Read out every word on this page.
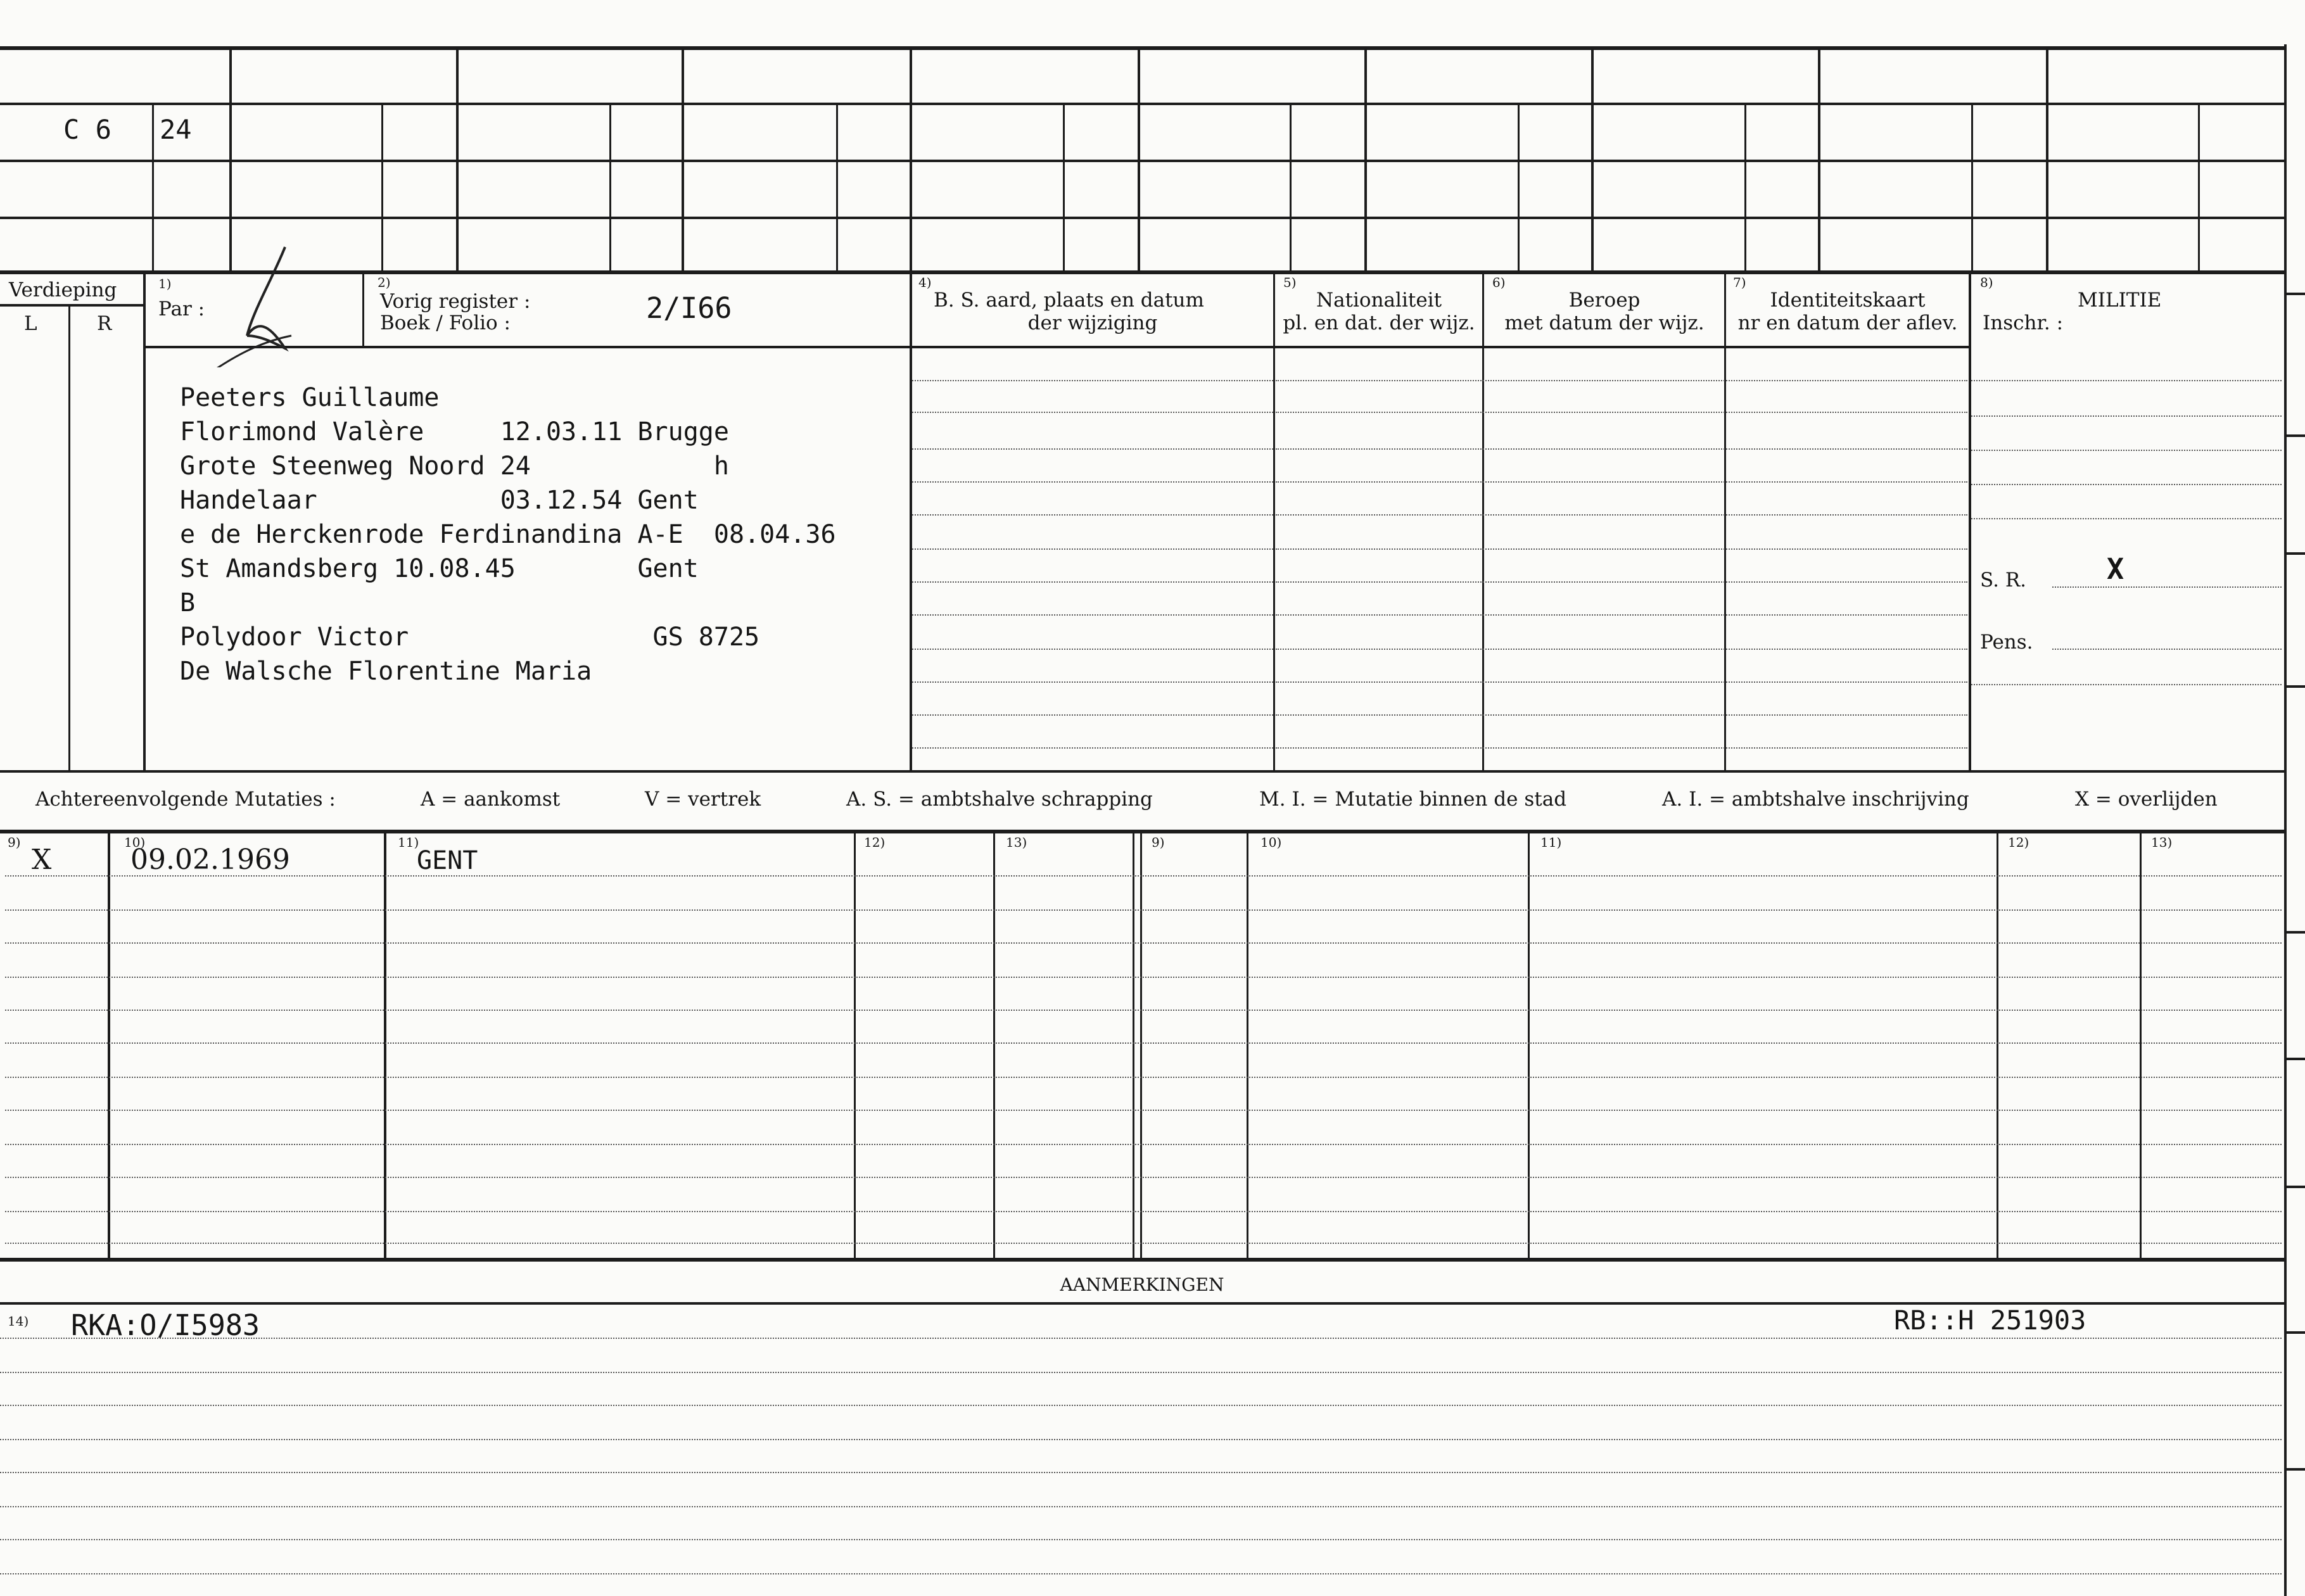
C 6 24
Verdieping
L	R
1)
Par :
2)
Vorig register :
Boek / Folio :	2/I66
4)
B. S. aard, plaats en datum
der wijziging
5)
Nationaliteit
pl. en dat. der wijz.
6)
Beroep
met datum der wijz.
7)
Identiteitskaart
nr en datum der aflev.
8)
MILITIE
Inschr. :
S. R.	X
Pens.
Peeters Guillaume
Florimond Valère     12.03.11 Brugge
Grote Steenweg Noord 24            h
Handelaar            03.12.54 Gent
e de Herckenrode Ferdinandina A-E  08.04.36
St Amandsberg 10.08.45        Gent
B
Polydoor Victor                GS 8725
De Walsche Florentine Maria
Achtereenvolgende Mutaties :	A = aankomst	V = vertrek	A. S. = ambtshalve schrapping	M. I. = Mutatie binnen de stad	A. I. = ambtshalve inschrijving	X = overlijden
9)	10)	11)	12)	13)	9)	10)	11)	12)	13)
X	09.02.1969	GENT
AANMERKINGEN
14) RKA:O/I5983	RB::H 251903
